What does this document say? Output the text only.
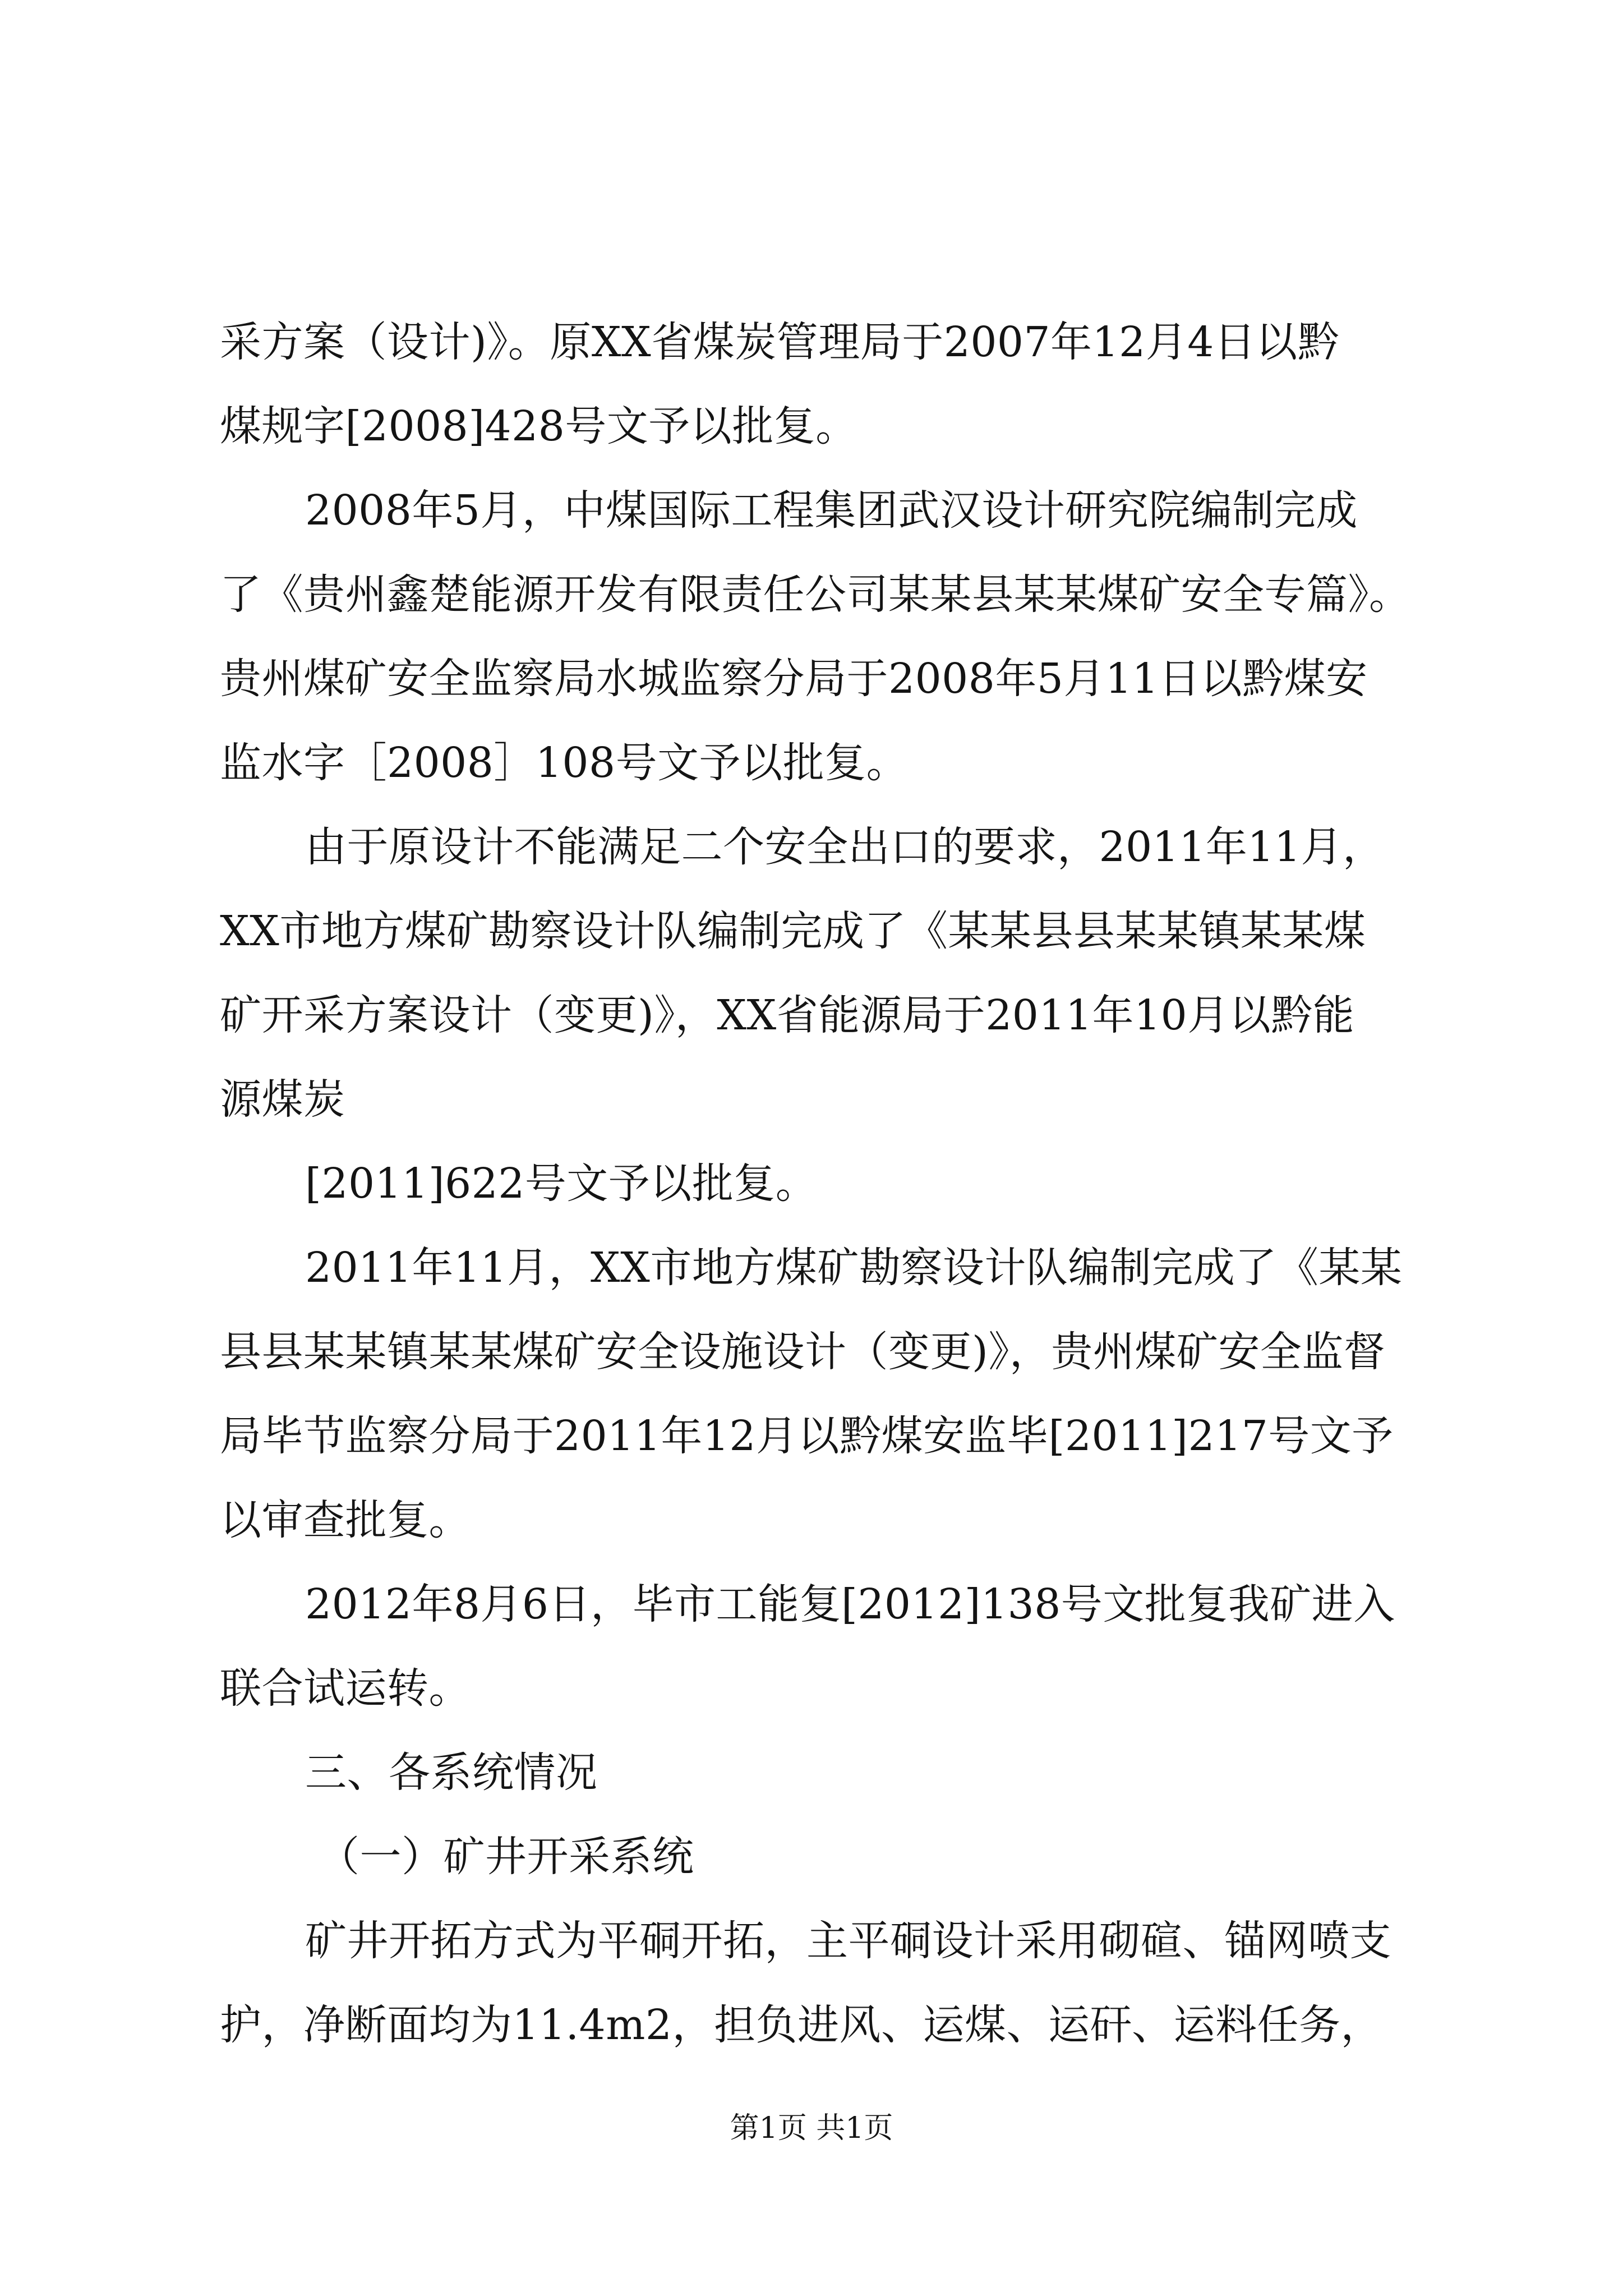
采方案（设计)》。原XX省煤炭管理局于2007年12月4日以黔
煤规字[2008]428号文予以批复。
2008年5月，中煤国际工程集团武汉设计研究院编制完成
了《贵州鑫楚能源开发有限责任公司某某县某某煤矿安全专篇》。
贵州煤矿安全监察局水城监察分局于2008年5月11日以黔煤安
监水字［2008］108号文予以批复。
由于原设计不能满足二个安全出口的要求，2011年11月，
XX市地方煤矿勘察设计队编制完成了《某某县县某某镇某某煤
矿开采方案设计（变更)》，XX省能源局于2011年10月以黔能
源煤炭
[2011]622号文予以批复。
2011年11月，XX市地方煤矿勘察设计队编制完成了《某某
县县某某镇某某煤矿安全设施设计（变更)》，贵州煤矿安全监督
局毕节监察分局于2011年12月以黔煤安监毕[2011]217号文予
以审查批复。
2012年8月6日，毕市工能复[2012]138号文批复我矿进入
联合试运转。
三、各系统情况
（一）矿井开采系统
矿井开拓方式为平硐开拓，主平硐设计采用砌碹、锚网喷支
护，净断面均为11.4m2，担负进风、运煤、运矸、运料任务，
第1页 共1页
